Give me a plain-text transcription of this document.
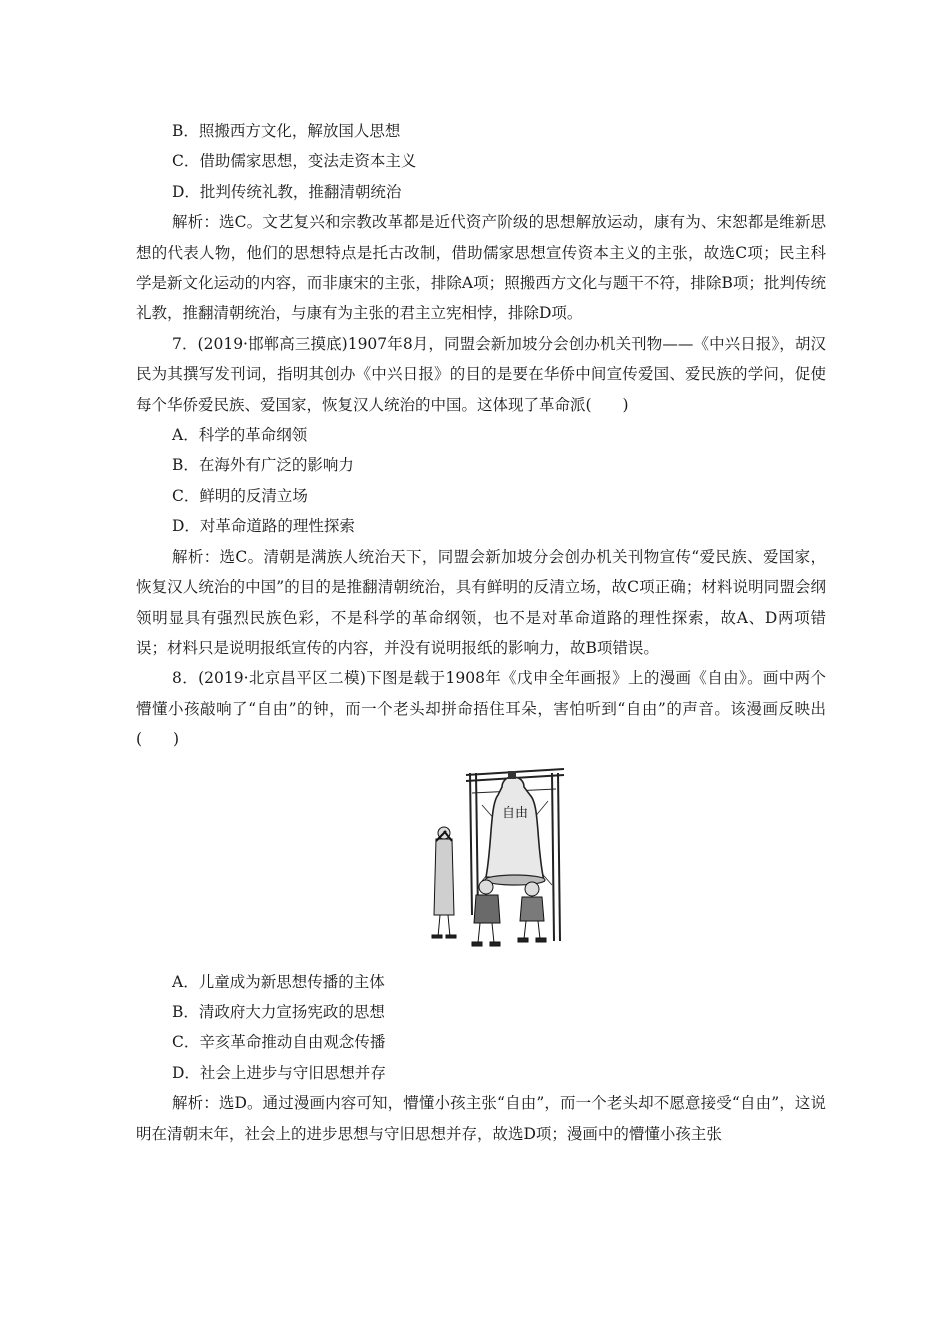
B．照搬西方文化，解放国人思想
C．借助儒家思想，变法走资本主义
D．批判传统礼教，推翻清朝统治

解析：选C。文艺复兴和宗教改革都是近代资产阶级的思想解放运动，康有为、宋恕都是维新思想的代表人物，他们的思想特点是托古改制，借助儒家思想宣传资本主义的主张，故选C项；民主科学是新文化运动的内容，而非康宋的主张，排除A项；照搬西方文化与题干不符，排除B项；批判传统礼教，推翻清朝统治，与康有为主张的君主立宪相悖，排除D项。

7．(2019·邯郸高三摸底)1907年8月，同盟会新加坡分会创办机关刊物——《中兴日报》，胡汉民为其撰写发刊词，指明其创办《中兴日报》的目的是要在华侨中间宣传爱国、爱民族的学问，促使每个华侨爱民族、爱国家，恢复汉人统治的中国。这体现了革命派(　　)

A．科学的革命纲领
B．在海外有广泛的影响力
C．鲜明的反清立场
D．对革命道路的理性探索

解析：选C。清朝是满族人统治天下，同盟会新加坡分会创办机关刊物宣传“爱民族、爱国家，恢复汉人统治的中国”的目的是推翻清朝统治，具有鲜明的反清立场，故C项正确；材料说明同盟会纲领明显具有强烈民族色彩，不是科学的革命纲领，也不是对革命道路的理性探索，故A、D两项错误；材料只是说明报纸宣传的内容，并没有说明报纸的影响力，故B项错误。

8．(2019·北京昌平区二模)下图是载于1908年《戊申全年画报》上的漫画《自由》。画中两个懵懂小孩敲响了“自由”的钟，而一个老头却拼命捂住耳朵，害怕听到“自由”的声音。该漫画反映出(　　)

自由
A．儿童成为新思想传播的主体
B．清政府大力宣扬宪政的思想
C．辛亥革命推动自由观念传播
D．社会上进步与守旧思想并存

解析：选D。通过漫画内容可知，懵懂小孩主张“自由”，而一个老头却不愿意接受“自由”，这说明在清朝末年，社会上的进步思想与守旧思想并存，故选D项；漫画中的懵懂小孩主张
